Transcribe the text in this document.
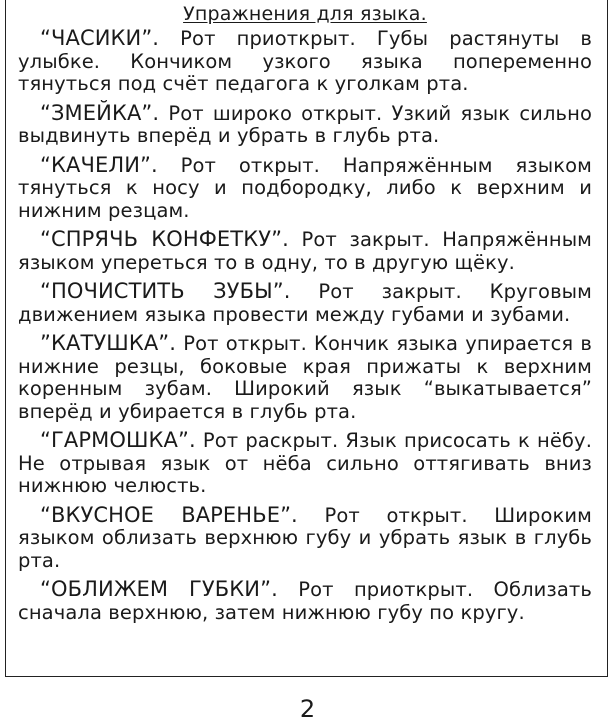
Упражнения для языка.

“ЧАСИКИ”. Рот приоткрыт. Губы растянуты в улыбке. Кончиком узкого языка попеременно тянуться под счёт педагога к уголкам рта.

“ЗМЕЙКА”. Рот широко открыт. Узкий язык сильно выдвинуть вперёд и убрать в глубь рта.

“КАЧЕЛИ”. Рот открыт. Напряжённым языком тянуться к носу и подбородку, либо к верхним и нижним резцам.

“СПРЯЧЬ КОНФЕТКУ”. Рот закрыт. Напряжённым языком упереться то в одну, то в другую щёку.

“ПОЧИСТИТЬ ЗУБЫ”. Рот закрыт. Круговым движением языка провести между губами и зубами.

”КАТУШКА”. Рот открыт. Кончик языка упирается в нижние резцы, боковые края прижаты к верхним коренным зубам. Широкий язык “выкатывается” вперёд и убирается в глубь рта.

“ГАРМОШКА”. Рот раскрыт. Язык присосать к нёбу. Не отрывая язык от нёба сильно оттягивать вниз нижнюю челюсть.

“ВКУСНОЕ ВАРЕНЬЕ”. Рот открыт. Широким языком облизать верхнюю губу и убрать язык в глубь рта.

“ОБЛИЖЕМ ГУБКИ”. Рот приоткрыт. Облизать сначала верхнюю, затем нижнюю губу по кругу.

2
